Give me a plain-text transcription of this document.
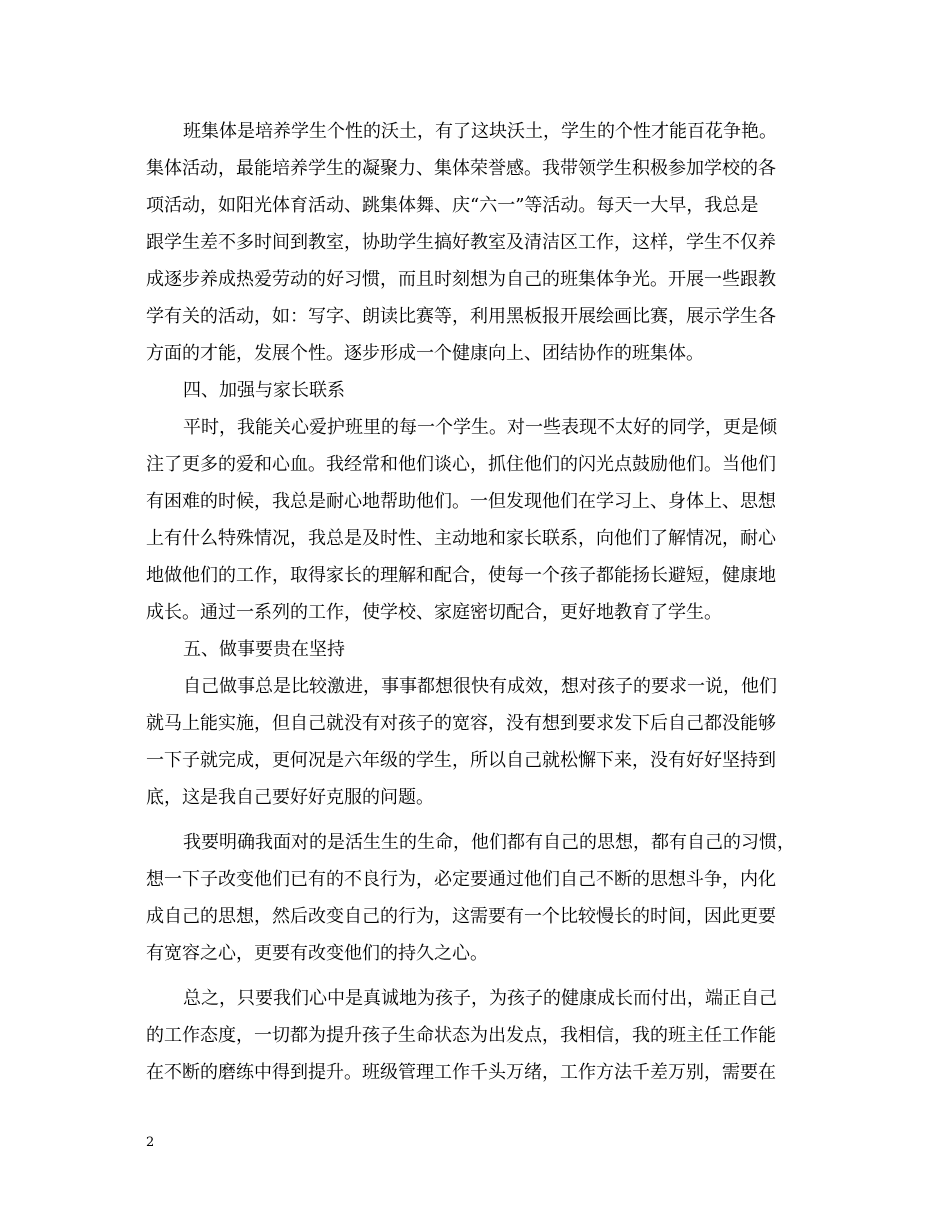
班集体是培养学生个性的沃土，有了这块沃土，学生的个性才能百花争艳。
集体活动，最能培养学生的凝聚力、集体荣誉感。我带领学生积极参加学校的各
项活动，如阳光体育活动、跳集体舞、庆“六一”等活动。每天一大早，我总是
跟学生差不多时间到教室，协助学生搞好教室及清洁区工作，这样，学生不仅养
成逐步养成热爱劳动的好习惯，而且时刻想为自己的班集体争光。开展一些跟教
学有关的活动，如：写字、朗读比赛等，利用黑板报开展绘画比赛，展示学生各
方面的才能，发展个性。逐步形成一个健康向上、团结协作的班集体。
四、加强与家长联系
平时，我能关心爱护班里的每一个学生。对一些表现不太好的同学，更是倾
注了更多的爱和心血。我经常和他们谈心，抓住他们的闪光点鼓励他们。当他们
有困难的时候，我总是耐心地帮助他们。一但发现他们在学习上、身体上、思想
上有什么特殊情况，我总是及时性、主动地和家长联系，向他们了解情况，耐心
地做他们的工作，取得家长的理解和配合，使每一个孩子都能扬长避短，健康地
成长。通过一系列的工作，使学校、家庭密切配合，更好地教育了学生。
五、做事要贵在坚持
自己做事总是比较激进，事事都想很快有成效，想对孩子的要求一说，他们
就马上能实施，但自己就没有对孩子的宽容，没有想到要求发下后自己都没能够
一下子就完成，更何况是六年级的学生，所以自己就松懈下来，没有好好坚持到
底，这是我自己要好好克服的问题。
我要明确我面对的是活生生的生命，他们都有自己的思想，都有自己的习惯，
想一下子改变他们已有的不良行为，必定要通过他们自己不断的思想斗争，内化
成自己的思想，然后改变自己的行为，这需要有一个比较慢长的时间，因此更要
有宽容之心，更要有改变他们的持久之心。
总之，只要我们心中是真诚地为孩子，为孩子的健康成长而付出，端正自己
的工作态度，一切都为提升孩子生命状态为出发点，我相信，我的班主任工作能
在不断的磨练中得到提升。班级管理工作千头万绪，工作方法千差万别，需要在
2
